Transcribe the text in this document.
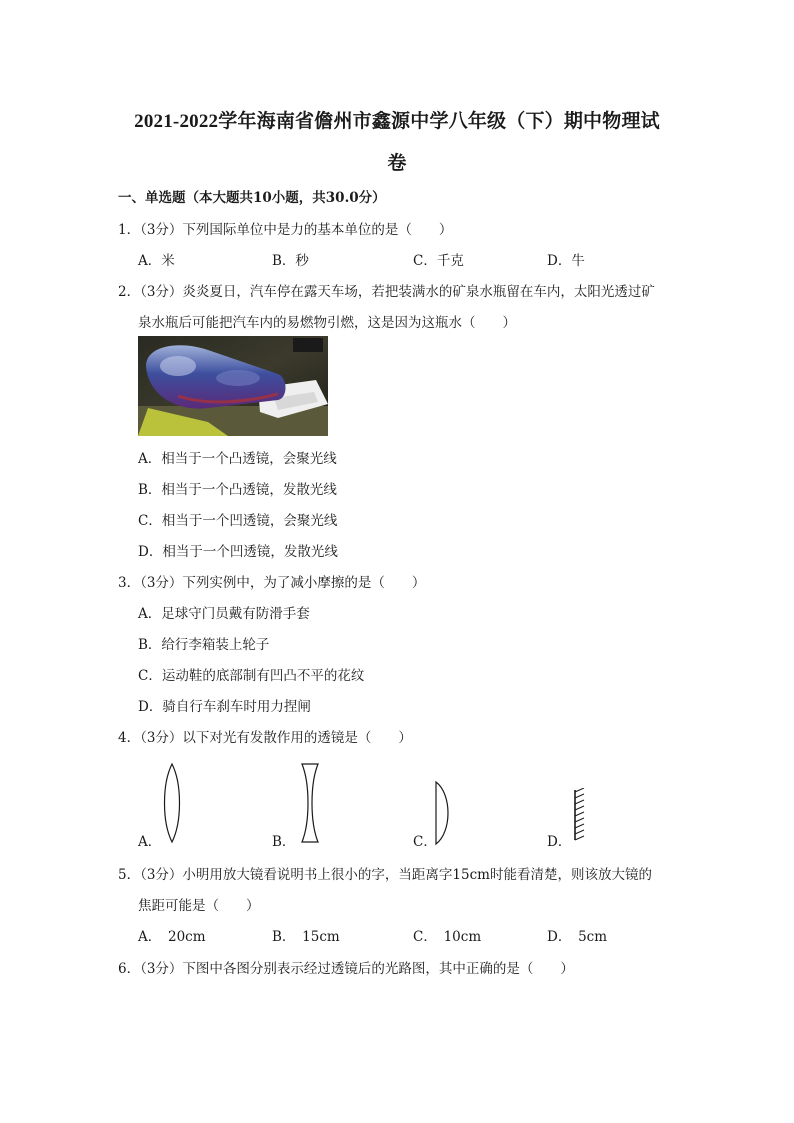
2021-2022学年海南省儋州市鑫源中学八年级（下）期中物理试
卷
一、单选题（本大题共10小题，共30.0分）
1．（3分）下列国际单位中是力的基本单位的是（　　）
A．米	B．秒	C．千克	D．牛
2．（3分）炎炎夏日，汽车停在露天车场，若把装满水的矿泉水瓶留在车内，太阳光透过矿
泉水瓶后可能把汽车内的易燃物引燃，这是因为这瓶水（　　）
A．相当于一个凸透镜，会聚光线
B．相当于一个凸透镜，发散光线
C．相当于一个凹透镜，会聚光线
D．相当于一个凹透镜，发散光线
3．（3分）下列实例中，为了减小摩擦的是（　　）
A．足球守门员戴有防滑手套
B．给行李箱装上轮子
C．运动鞋的底部制有凹凸不平的花纹
D．骑自行车刹车时用力捏闸
4．（3分）以下对光有发散作用的透镜是（　　）
A．	B．	C．	D．
5．（3分）小明用放大镜看说明书上很小的字，当距离字15cm时能看清楚，则该放大镜的
焦距可能是（　　）
A．　20cm	B．　15cm	C．　10cm	D．　5cm
6．（3分）下图中各图分别表示经过透镜后的光路图，其中正确的是（　　）
